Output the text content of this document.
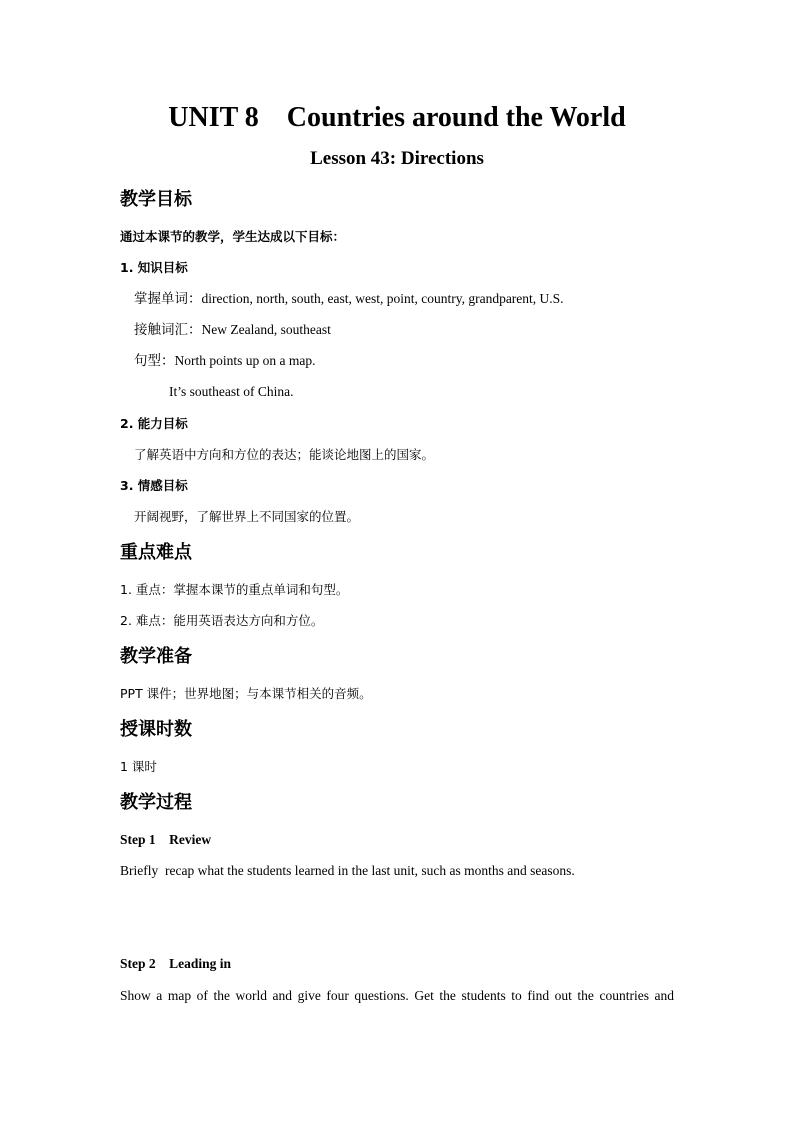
UNIT 8    Countries around the World
Lesson 43: Directions
教学目标
通过本课节的教学，学生达成以下目标：
1. 知识目标
掌握单词：direction, north, south, east, west, point, country, grandparent, U.S.
接触词汇：New Zealand, southeast
句型：North points up on a map.
It’s southeast of China.
2. 能力目标
了解英语中方向和方位的表达；能谈论地图上的国家。
3. 情感目标
开阔视野，了解世界上不同国家的位置。
重点难点
1. 重点：掌握本课节的重点单词和句型。
2. 难点：能用英语表达方向和方位。
教学准备
PPT 课件；世界地图；与本课节相关的音频。
授课时数
1 课时
教学过程
Step 1    Review
Briefly  recap what the students learned in the last unit, such as months and seasons.
Step 2    Leading in
Show a map of the world and give four questions. Get the students to find out the countries and
